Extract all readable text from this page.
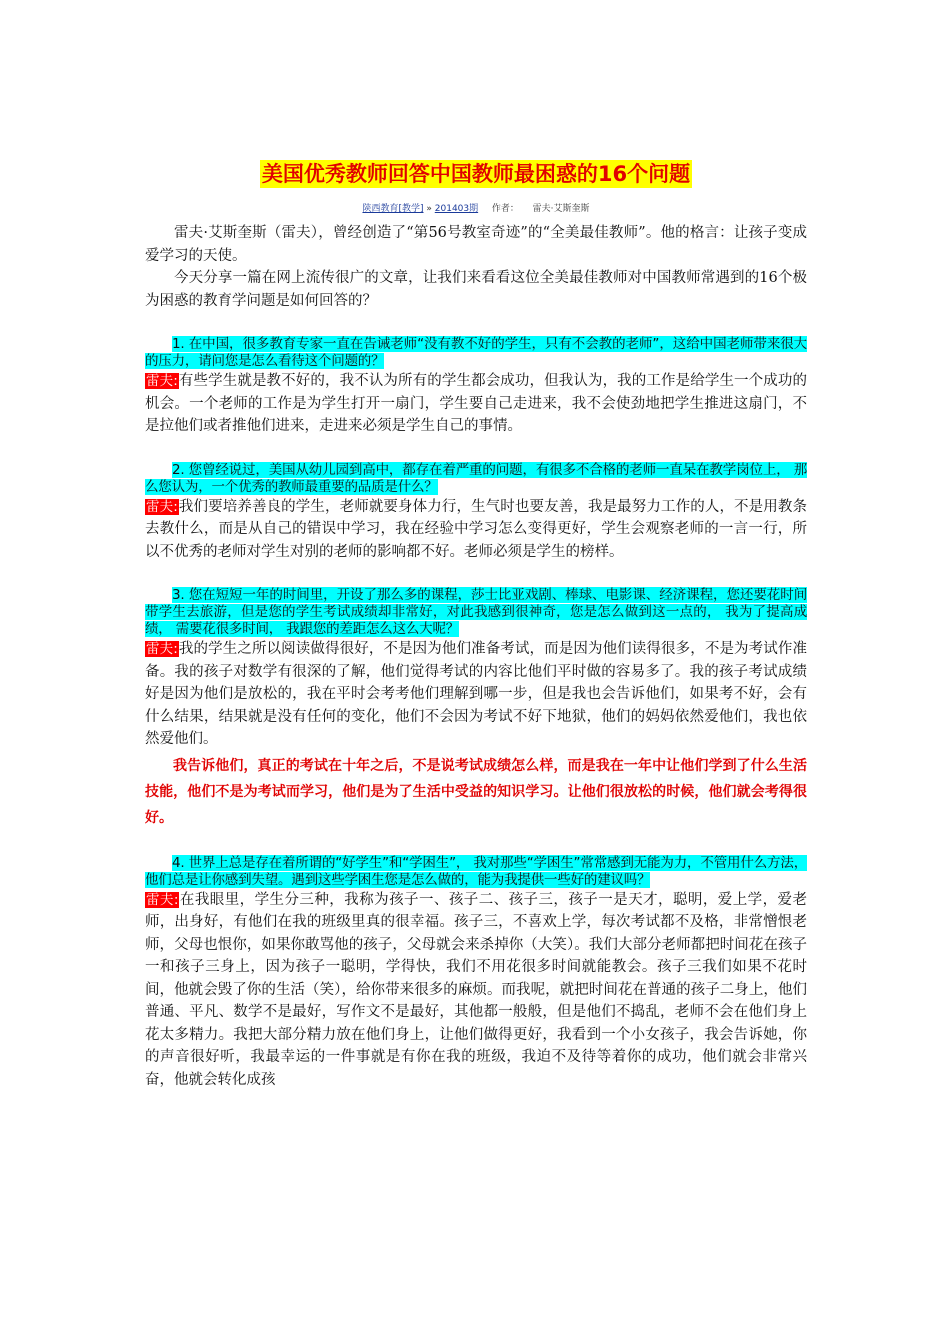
美国优秀教师回答中国教师最困惑的16个问题
陕西教育[教学] » 201403期 作者： 雷夫·艾斯奎斯

雷夫·艾斯奎斯（雷夫），曾经创造了“第56号教室奇迹”的“全美最佳教师”。他的格言：让孩子变成爱学习的天使。

今天分享一篇在网上流传很广的文章，让我们来看看这位全美最佳教师对中国教师常遇到的16个极为困惑的教育学问题是如何回答的？

1. 在中国，很多教育专家一直在告诫老师“没有教不好的学生，只有不会教的老师”，这给中国老师带来很大的压力，请问您是怎么看待这个问题的？

雷夫:有些学生就是教不好的，我不认为所有的学生都会成功，但我认为，我的工作是给学生一个成功的机会。一个老师的工作是为学生打开一扇门，学生要自己走进来，我不会使劲地把学生推进这扇门，不是拉他们或者推他们进来，走进来必须是学生自己的事情。

2. 您曾经说过，美国从幼儿园到高中，都存在着严重的问题，有很多不合格的老师一直呆在教学岗位上， 那么您认为，一个优秀的教师最重要的品质是什么？

雷夫:我们要培养善良的学生，老师就要身体力行，生气时也要友善，我是最努力工作的人，不是用教条去教什么，而是从自己的错误中学习，我在经验中学习怎么变得更好，学生会观察老师的一言一行，所以不优秀的老师对学生对别的老师的影响都不好。老师必须是学生的榜样。

3. 您在短短一年的时间里，开设了那么多的课程，莎士比亚戏剧、棒球、电影课、经济课程，您还要花时间带学生去旅游，但是您的学生考试成绩却非常好，对此我感到很神奇，您是怎么做到这一点的， 我为了提高成绩， 需要花很多时间， 我跟您的差距怎么这么大呢？

雷夫:我的学生之所以阅读做得很好，不是因为他们准备考试，而是因为他们读得很多，不是为考试作准备。我的孩子对数学有很深的了解，他们觉得考试的内容比他们平时做的容易多了。我的孩子考试成绩好是因为他们是放松的，我在平时会考考他们理解到哪一步，但是我也会告诉他们，如果考不好，会有什么结果，结果就是没有任何的变化，他们不会因为考试不好下地狱，他们的妈妈依然爱他们，我也依然爱他们。

我告诉他们，真正的考试在十年之后，不是说考试成绩怎么样，而是我在一年中让他们学到了什么生活技能，他们不是为考试而学习，他们是为了生活中受益的知识学习。让他们很放松的时候，他们就会考得很好。

4. 世界上总是存在着所谓的“好学生”和“学困生”， 我对那些“学困生”常常感到无能为力，不管用什么方法，他们总是让你感到失望。遇到这些学困生您是怎么做的，能为我提供一些好的建议吗？

雷夫:在我眼里，学生分三种，我称为孩子一、孩子二、孩子三，孩子一是天才，聪明，爱上学，爱老师，出身好，有他们在我的班级里真的很幸福。孩子三，不喜欢上学，每次考试都不及格，非常憎恨老师，父母也恨你，如果你敢骂他的孩子，父母就会来杀掉你（大笑）。我们大部分老师都把时间花在孩子一和孩子三身上，因为孩子一聪明，学得快，我们不用花很多时间就能教会。孩子三我们如果不花时间，他就会毁了你的生活（笑），给你带来很多的麻烦。而我呢，就把时间花在普通的孩子二身上，他们普通、平凡、数学不是最好，写作文不是最好，其他都一般般，但是他们不捣乱，老师不会在他们身上花太多精力。我把大部分精力放在他们身上，让他们做得更好，我看到一个小女孩子，我会告诉她，你的声音很好听，我最幸运的一件事就是有你在我的班级，我迫不及待等着你的成功，他们就会非常兴奋，他就会转化成孩
